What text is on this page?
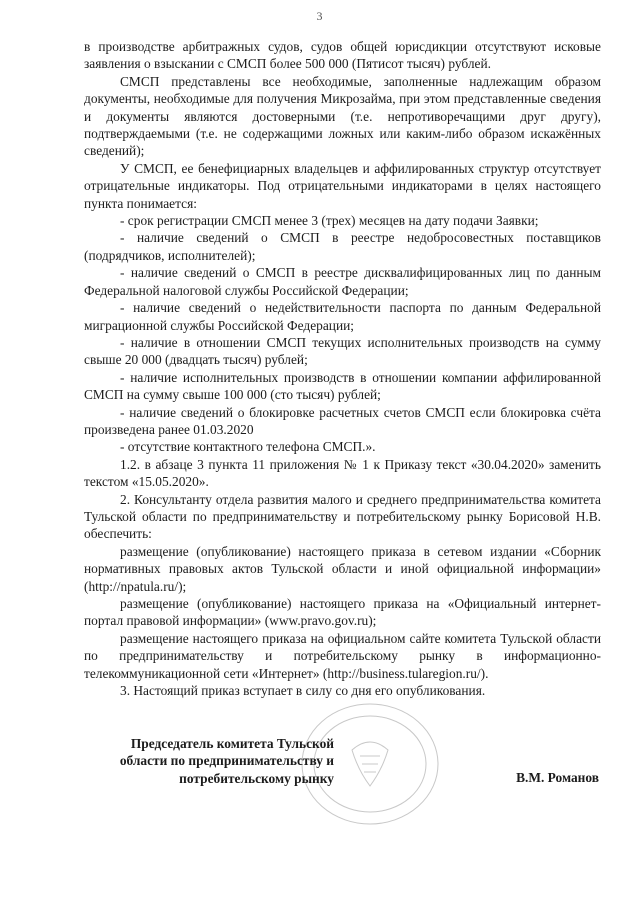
3

в производстве арбитражных судов, судов общей юрисдикции отсутствуют исковые заявления о взыскании с СМСП более 500 000 (Пятисот тысяч) рублей.

СМСП представлены все необходимые, заполненные надлежащим образом документы, необходимые для получения Микрозайма, при этом представленные сведения и документы являются достоверными (т.е. непротиворечащими друг другу), подтверждаемыми (т.е. не содержащими ложных или каким-либо образом искажённых сведений);

У СМСП, ее бенефициарных владельцев и аффилированных структур отсутствует отрицательные индикаторы. Под отрицательными индикаторами в целях настоящего пункта понимается:

- срок регистрации СМСП менее 3 (трех) месяцев на дату подачи Заявки;

- наличие сведений о СМСП в реестре недобросовестных поставщиков (подрядчиков, исполнителей);

- наличие сведений о СМСП в реестре дисквалифицированных лиц по данным Федеральной налоговой службы Российской Федерации;

- наличие сведений о недействительности паспорта по данным Федеральной миграционной службы Российской Федерации;

- наличие в отношении СМСП текущих исполнительных производств на сумму свыше 20 000 (двадцать тысяч) рублей;

- наличие исполнительных производств в отношении компании аффилированной СМСП на сумму свыше 100 000 (сто тысяч) рублей;

- наличие сведений о блокировке расчетных счетов СМСП если блокировка счёта произведена ранее 01.03.2020

- отсутствие контактного телефона СМСП.».

1.2. в абзаце 3 пункта 11 приложения № 1 к Приказу текст «30.04.2020» заменить текстом «15.05.2020».

2. Консультанту отдела развития малого и среднего предпринимательства комитета Тульской области по предпринимательству и потребительскому рынку Борисовой Н.В. обеспечить:

размещение (опубликование) настоящего приказа в сетевом издании «Сборник нормативных правовых актов Тульской области и иной официальной информации» (http://npatula.ru/);

размещение (опубликование) настоящего приказа на «Официальный интернет-портал правовой информации» (www.pravo.gov.ru);

размещение настоящего приказа на официальном сайте комитета Тульской области по предпринимательству и потребительскому рынку в информационно-телекоммуникационной сети «Интернет» (http://business.tularegion.ru/).

3. Настоящий приказ вступает в силу со дня его опубликования.

Председатель комитета Тульской
области по предпринимательству и
потребительскому рынку	В.М. Романов
